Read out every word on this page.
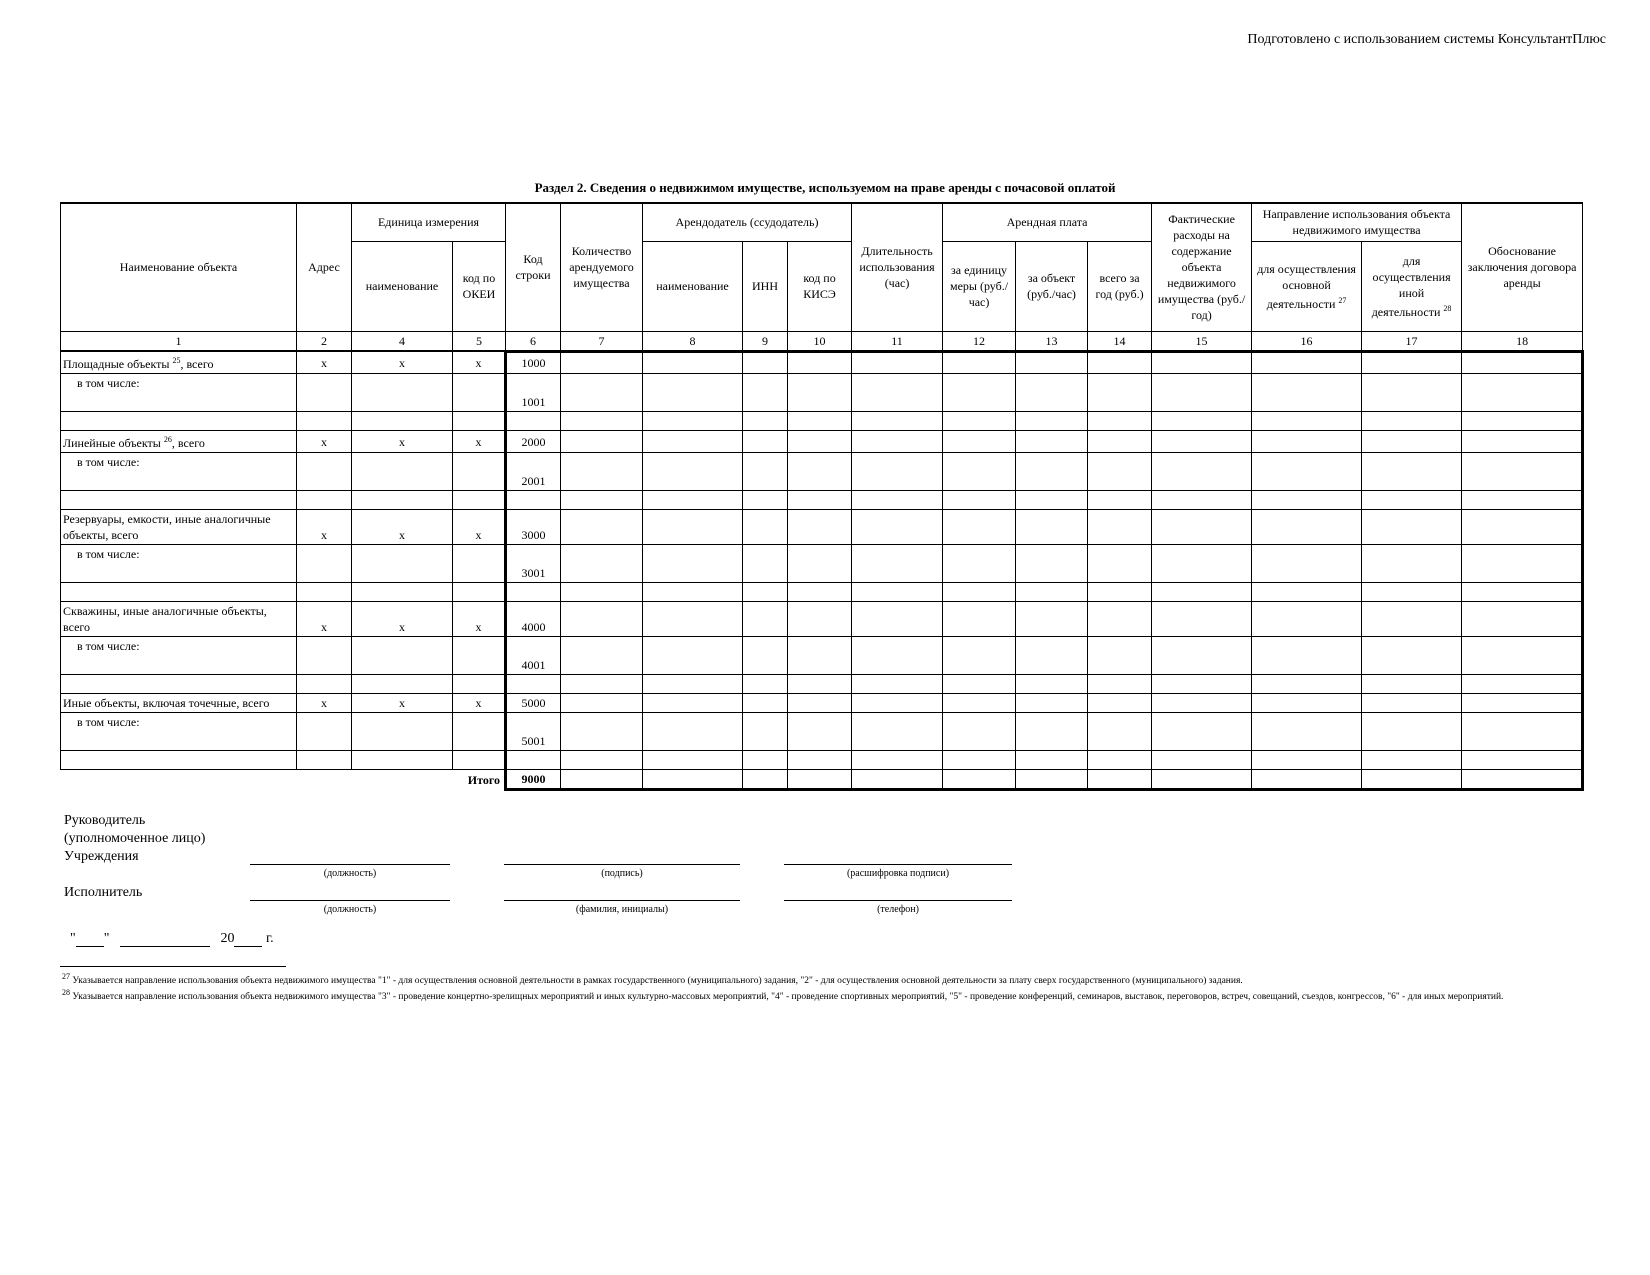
Подготовлено с использованием системы КонсультантПлюс
Раздел 2. Сведения о недвижимом имуществе, используемом на праве аренды с почасовой оплатой
Наименование объекта	Адрес	Единица измерения		Код строки	Количество арендуемого имущества	Арендодатель (ссудодатель)			Длительность использования (час)	Арендная плата			Фактические расходы на содержание объекта недвижимого имущества (руб./год)	Направление использования объекта недвижимого имущества		Обоснование заключения договора аренды
		наименование	код по ОКЕИ			наименование	ИНН	код по КИСЭ		за единицу меры (руб./час)	за объект (руб./час)	всего за год (руб.)		для осуществления основной деятельности $^{27}$	для осуществления иной деятельности $^{28}$
1	2	4	5	6	7	8	9	10	11	12	13	14	15	16	17	18
Площадные объекты $^{25}$, всего	х	х	х	1000												
в том числе:				1001												

Линейные объекты $^{26}$, всего	х	х	х	2000												
в том числе:				2001												

Резервуары, емкости, иные аналогичные объекты, всего	х	х	х	3000												
в том числе:				3001												

Скважины, иные аналогичные объекты, всего	х	х	х	4000												
в том числе:				4001												

Иные объекты, включая точечные, всего	х	х	х	5000												
в том числе:				5001												

Итого				9000												
Руководитель
(уполномоченное лицо)
Учреждения
(должность)	(подпись)	(расшифровка подписи)
Исполнитель
(должность)	(фамилия, инициалы)	(телефон)
" "	20 г.
$^{27}$ Указывается направление использования объекта недвижимого имущества "1" - для осуществления основной деятельности в рамках государственного (муниципального) задания, "2" - для осуществления основной деятельности за плату сверх государственного (муниципального) задания.
$^{28}$ Указывается направление использования объекта недвижимого имущества "3" - проведение концертно-зрелищных мероприятий и иных культурно-массовых мероприятий, "4" - проведение спортивных мероприятий, "5" - проведение конференций, семинаров, выставок, переговоров, встреч, совещаний, съездов, конгрессов, "6" - для иных мероприятий.
